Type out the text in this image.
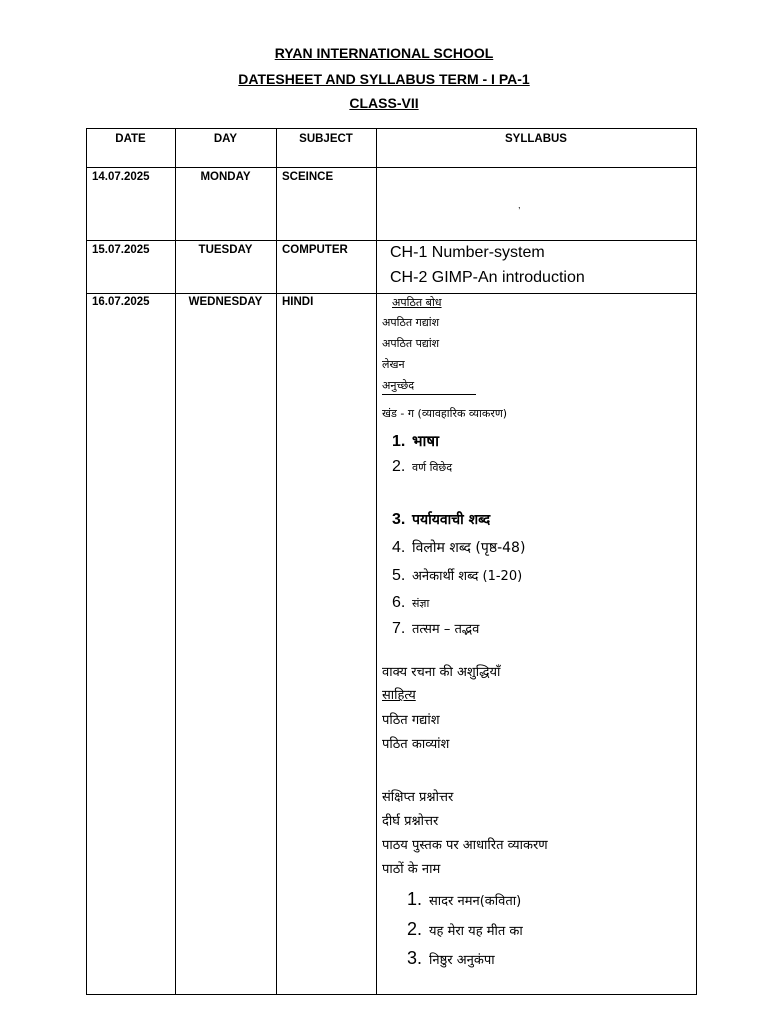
RYAN INTERNATIONAL SCHOOL
DATESHEET AND SYLLABUS TERM - I PA-1
CLASS-VII
DATE	DAY	SUBJECT	SYLLABUS
14.07.2025	MONDAY	SCEINCE
,
15.07.2025	TUESDAY	COMPUTER	CH-1 Number-system
CH-2 GIMP-An introduction
16.07.2025	WEDNESDAY	HINDI	अपठित बोध
अपठित गद्यांश
अपठित पद्यांश
लेखन
अनुच्छेद
खंड - ग (व्यावहारिक व्याकरण)
1. भाषा
2. वर्ण विछेद
3. पर्यायवाची शब्द
4. विलोम शब्द (पृष्ठ-48)
5. अनेकार्थी शब्द (1-20)
6. संज्ञा
7. तत्सम – तद्भव
वाक्य रचना की अशुद्धियाँ
साहित्य
पठित गद्यांश
पठित काव्यांश
संक्षिप्त प्रश्नोत्तर
दीर्घ प्रश्नोत्तर
पाठय पुस्तक पर आधारित व्याकरण
पाठों के नाम
1. सादर नमन(कविता)
2. यह मेरा यह मीत का
3. निष्ठुर अनुकंपा
